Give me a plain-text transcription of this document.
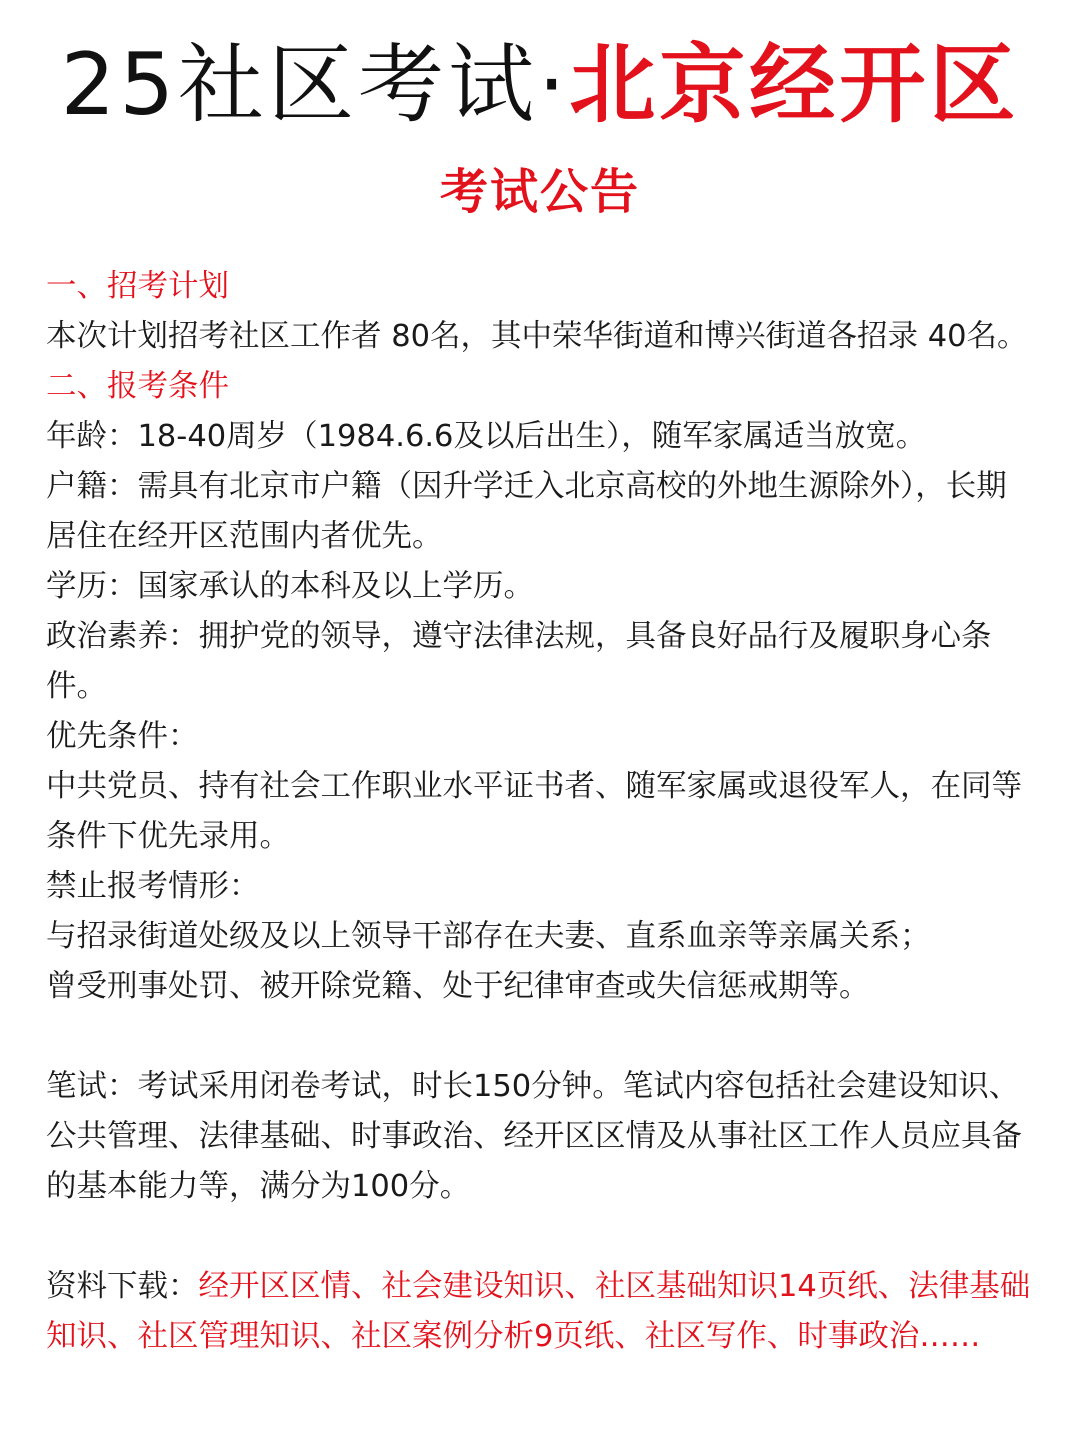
25社区考试·北京经开区
考试公告

一、招考计划

本次计划招考社区工作者 80名，其中荣华街道和博兴街道各招录 40名。

二、报考条件

年龄：18-40周岁（1984.6.6及以后出生），随军家属适当放宽。

户籍：需具有北京市户籍（因升学迁入北京高校的外地生源除外），长期居住在经开区范围内者优先。

学历：国家承认的本科及以上学历。

政治素养：拥护党的领导，遵守法律法规，具备良好品行及履职身心条件。

优先条件：

中共党员、持有社会工作职业水平证书者、随军家属或退役军人，在同等条件下优先录用。

禁止报考情形：

与招录街道处级及以上领导干部存在夫妻、直系血亲等亲属关系；

曾受刑事处罚、被开除党籍、处于纪律审查或失信惩戒期等。

笔试：考试采用闭卷考试，时长150分钟。笔试内容包括社会建设知识、公共管理、法律基础、时事政治、经开区区情及从事社区工作人员应具备的基本能力等，满分为100分。

资料下载：经开区区情、社会建设知识、社区基础知识14页纸、法律基础知识、社区管理知识、社区案例分析9页纸、社区写作、时事政治……
